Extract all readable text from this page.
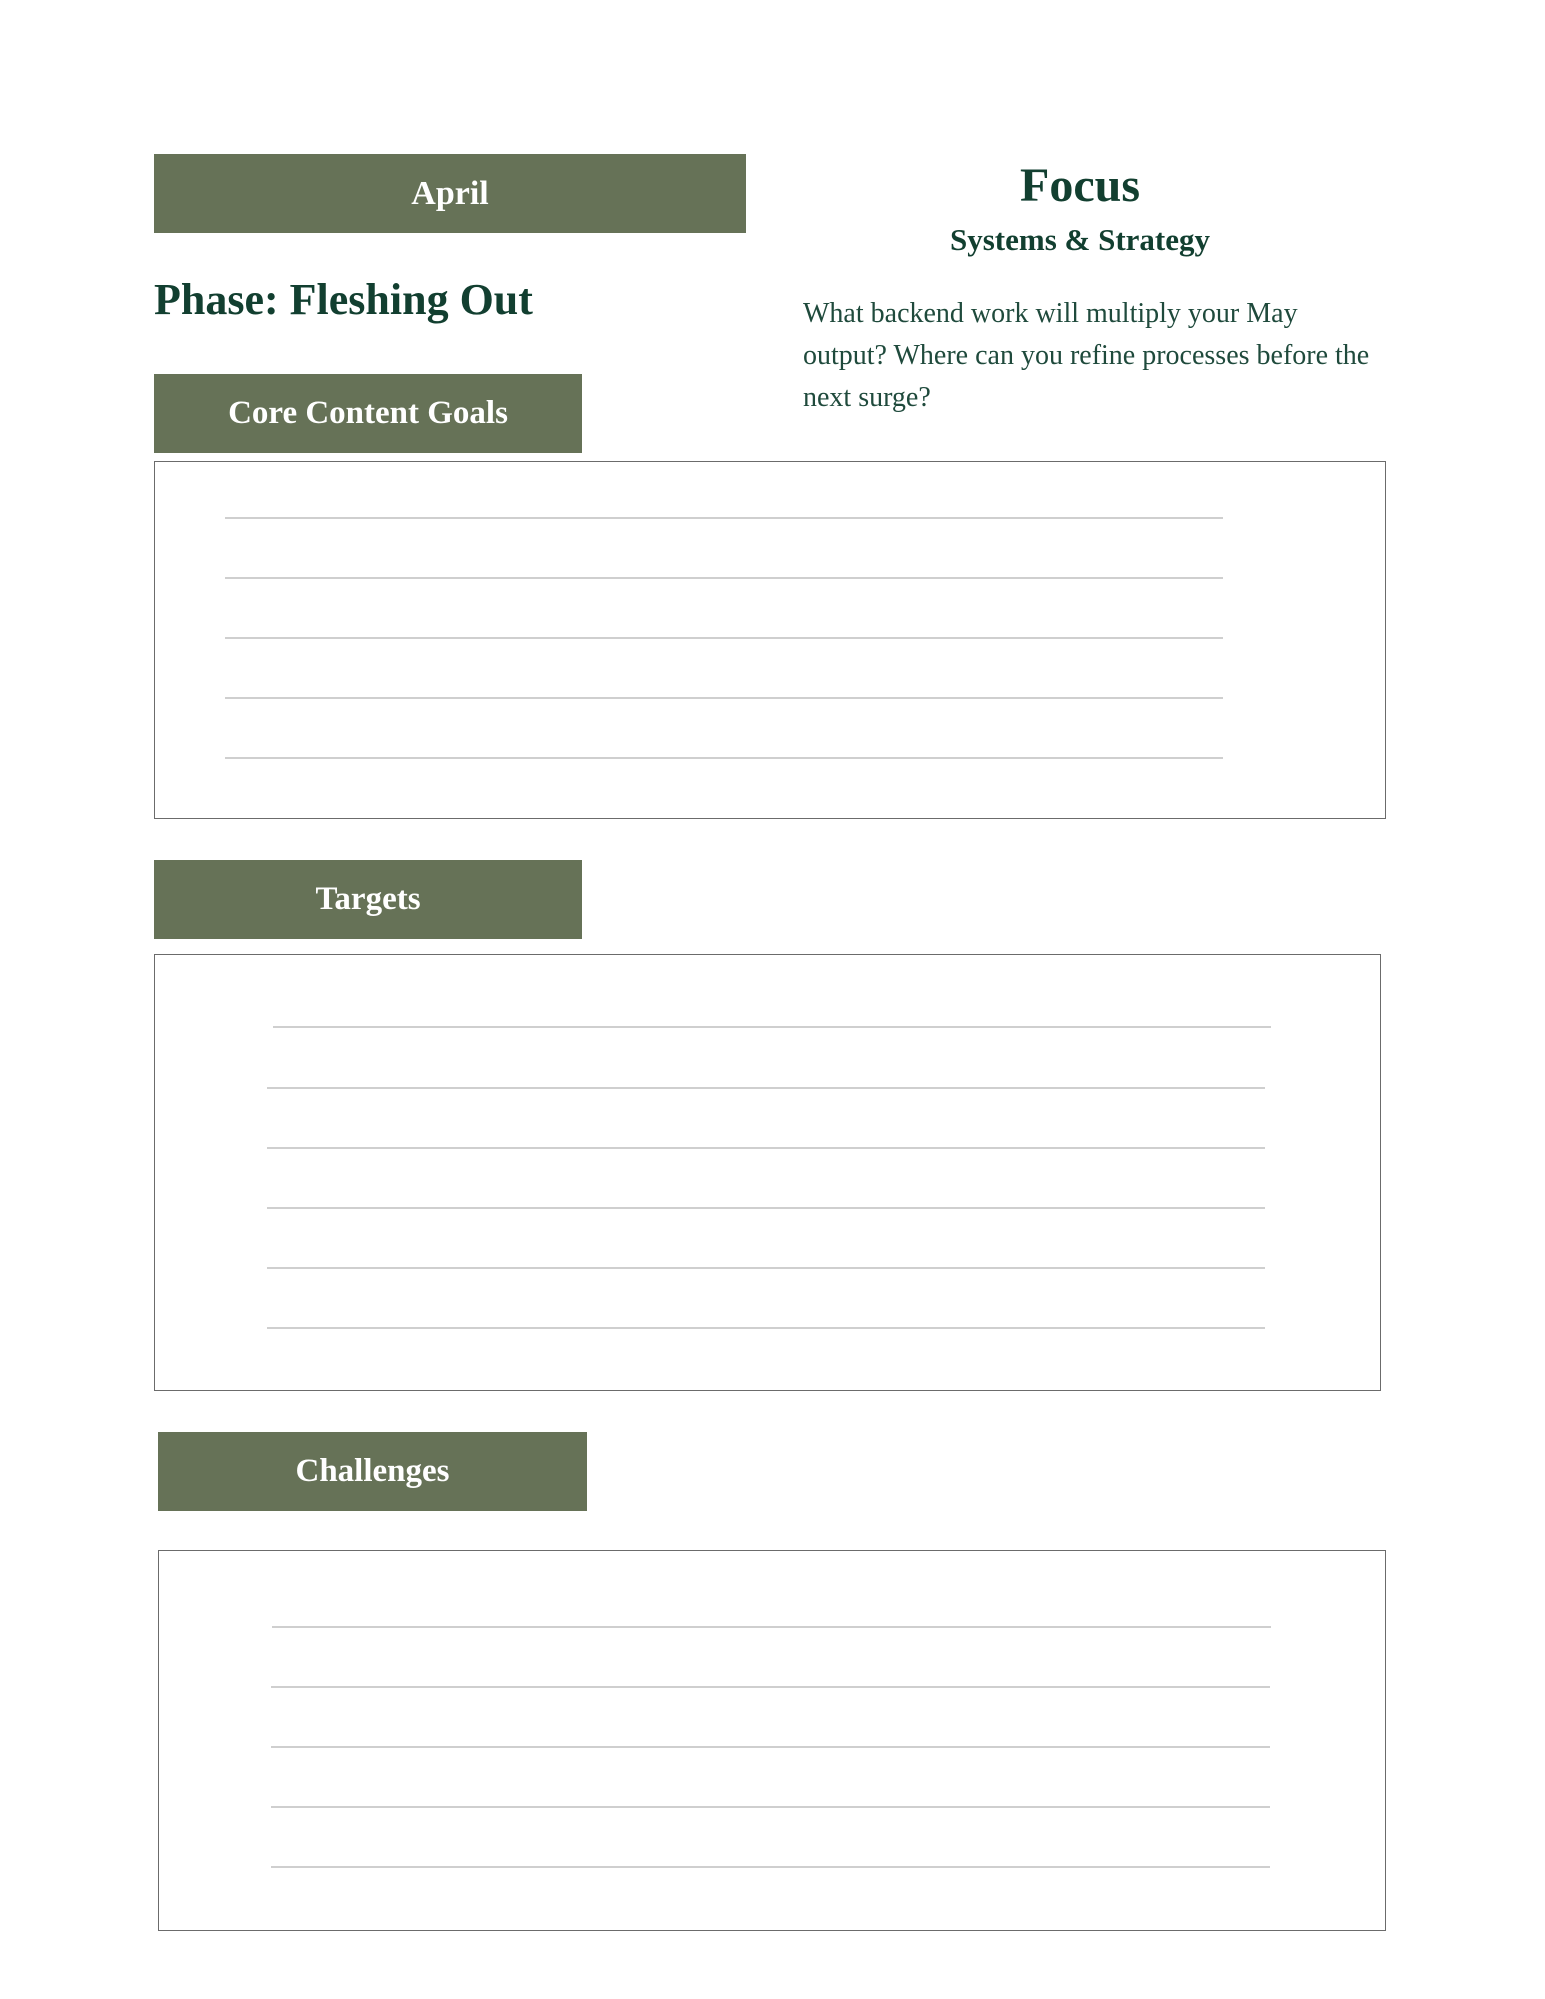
April
Phase: Fleshing Out
Focus
Systems & Strategy
What backend work will multiply your May output? Where can you refine processes before the next surge?
Core Content Goals
Targets
Challenges
